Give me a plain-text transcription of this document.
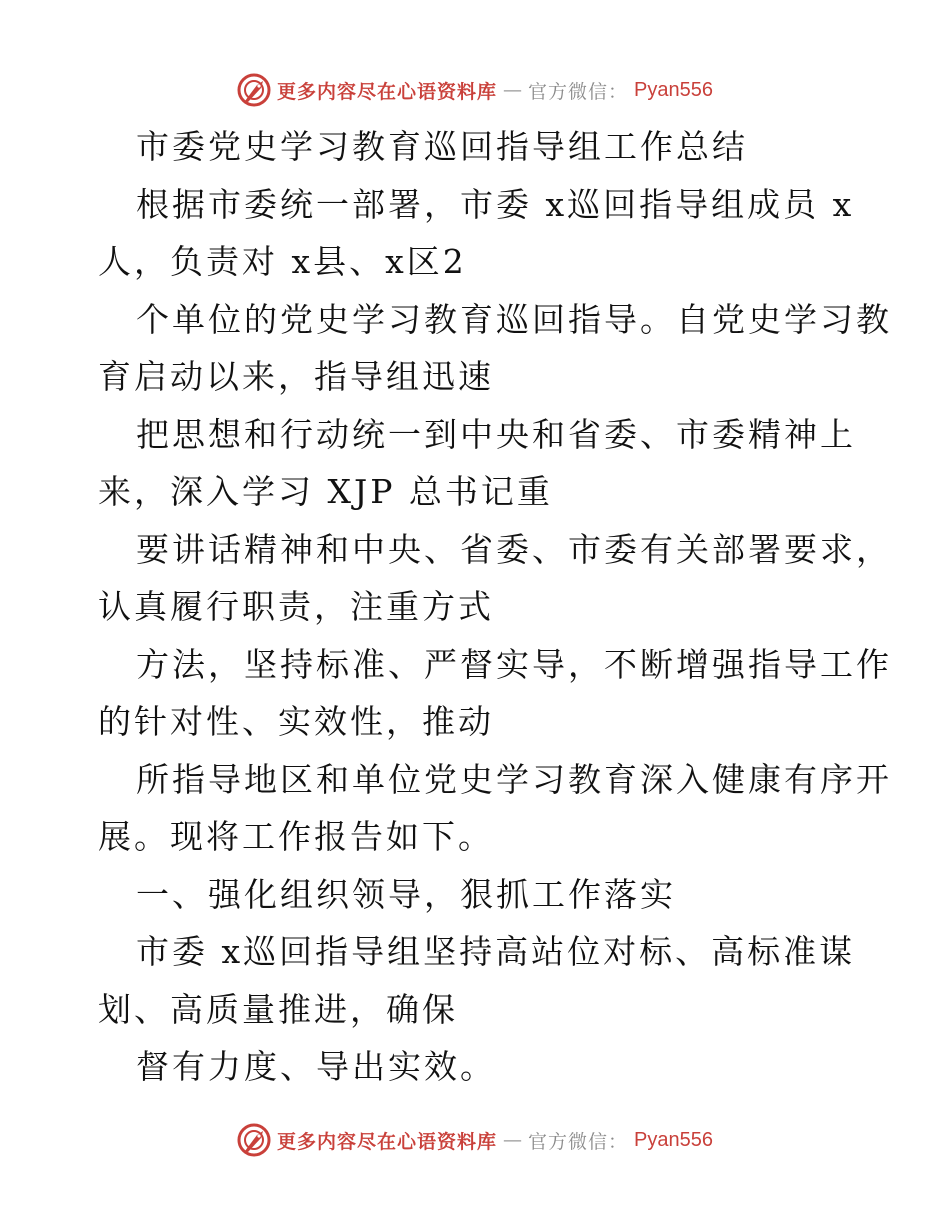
更多内容尽在心语资料库 — 官方微信： Pyan556
市委党史学习教育巡回指导组工作总结
根据市委统一部署，市委 x巡回指导组成员 x
人，负责对 x县、x区2
个单位的党史学习教育巡回指导。自党史学习教
育启动以来，指导组迅速
把思想和行动统一到中央和省委、市委精神上
来，深入学习 XJP 总书记重
要讲话精神和中央、省委、市委有关部署要求，
认真履行职责，注重方式
方法，坚持标准、严督实导，不断增强指导工作
的针对性、实效性，推动
所指导地区和单位党史学习教育深入健康有序开
展。现将工作报告如下。
一、强化组织领导，狠抓工作落实
市委 x巡回指导组坚持高站位对标、高标准谋
划、高质量推进，确保
督有力度、导出实效。
更多内容尽在心语资料库 — 官方微信： Pyan556
